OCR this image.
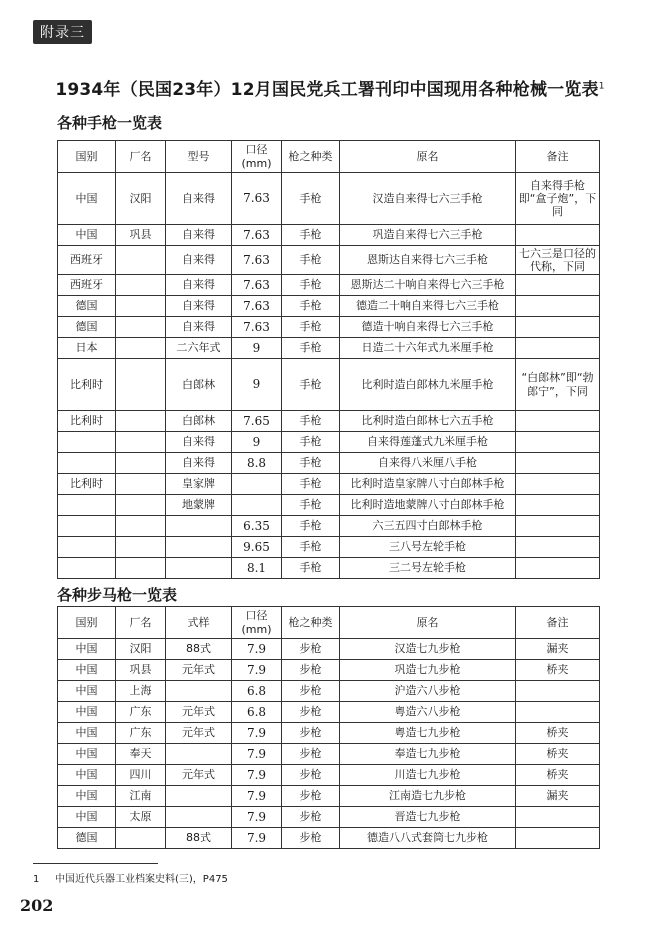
附录三
1934年（民国23年）12月国民党兵工署刊印中国现用各种枪械一览表$^1$
各种手枪一览表
国别	厂名	型号	口径(mm)	枪之种类	原名	备注
中国	汉阳	自来得	7.63	手枪	汉造自来得七六三手枪	自来得手枪即“盒子炮”，下同
中国	巩县	自来得	7.63	手枪	巩造自来得七六三手枪	
西班牙		自来得	7.63	手枪	恩斯达自来得七六三手枪	七六三是口径的代称，下同
西班牙		自来得	7.63	手枪	恩斯达二十响自来得七六三手枪	
德国		自来得	7.63	手枪	德造二十响自来得七六三手枪	
德国		自来得	7.63	手枪	德造十响自来得七六三手枪	
日本		二六年式	9	手枪	日造二十六年式九米厘手枪	
比利时		白郎林	9	手枪	比利时造白郎林九米厘手枪	“白郎林”即“勃郎宁”，下同
比利时		白郎林	7.65	手枪	比利时造白郎林七六五手枪	
		自来得	9	手枪	自来得莲蓬式九米厘手枪	
		自来得	8.8	手枪	自来得八米厘八手枪	
比利时		皇家牌		手枪	比利时造皇家牌八寸白郎林手枪	
		地蒙牌		手枪	比利时造地蒙牌八寸白郎林手枪	
			6.35	手枪	六三五四寸白郎林手枪	
			9.65	手枪	三八号左轮手枪	
			8.1	手枪	三二号左轮手枪	
各种步马枪一览表
国别	厂名	式样	口径(mm)	枪之种类	原名	备注
中国	汉阳	88式	7.9	步枪	汉造七九步枪	漏夹
中国	巩县	元年式	7.9	步枪	巩造七九步枪	桥夹
中国	上海		6.8	步枪	沪造六八步枪	
中国	广东	元年式	6.8	步枪	粤造六八步枪	
中国	广东	元年式	7.9	步枪	粤造七九步枪	桥夹
中国	奉天		7.9	步枪	奉造七九步枪	桥夹
中国	四川	元年式	7.9	步枪	川造七九步枪	桥夹
中国	江南		7.9	步枪	江南造七九步枪	漏夹
中国	太原		7.9	步枪	晋造七九步枪	
德国		88式	7.9	步枪	德造八八式套筒七九步枪	
1 中国近代兵器工业档案史料(三)，P475
202
